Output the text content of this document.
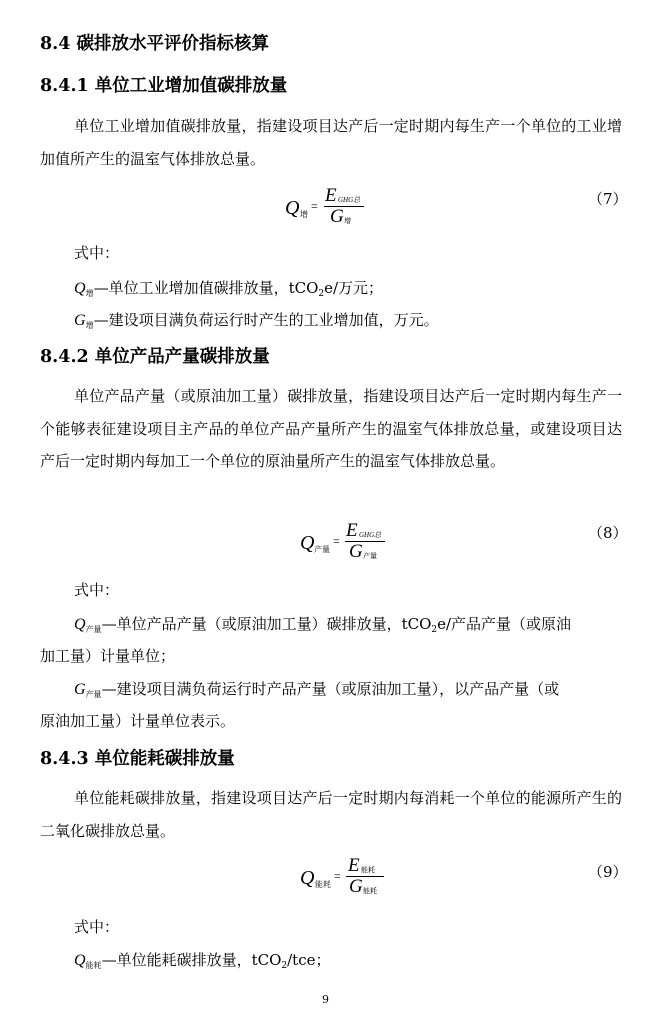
8.4 碳排放水平评价指标核算
8.4.1 单位工业增加值碳排放量

单位工业增加值碳排放量，指建设项目达产后一定时期内每生产一个单位的工业增加值所产生的温室气体排放总量。

Q 增
= E GHG总
G 增
（7）
式中：
$Q_增—$单位工业增加值碳排放量，tCO$_2$e/万元；
$G_增—$建设项目满负荷运行时产生的工业增加值，万元。
8.4.2 单位产品产量碳排放量

单位产品产量（或原油加工量）碳排放量，指建设项目达产后一定时期内每生产一个能够表征建设项目主产品的单位产品产量所产生的温室气体排放总量，或建设项目达产后一定时期内每加工一个单位的原油量所产生的温室气体排放总量。

Q 产量
= E GHG总
G 产量
（8）
式中：
$Q_{产量}—$单位产品产量（或原油加工量）碳排放量，tCO$_2$e/产品产量（或原油
加工量）计量单位；
$G_{产量}—$建设项目满负荷运行时产品产量（或原油加工量），以产品产量（或
原油加工量）计量单位表示。
8.4.3 单位能耗碳排放量

单位能耗碳排放量，指建设项目达产后一定时期内每消耗一个单位的能源所产生的二氧化碳排放总量。

Q 能耗
= E 能耗
G 能耗
（9）
式中：
$Q_{能耗}—$单位能耗碳排放量，tCO$_2$/tce；
9
